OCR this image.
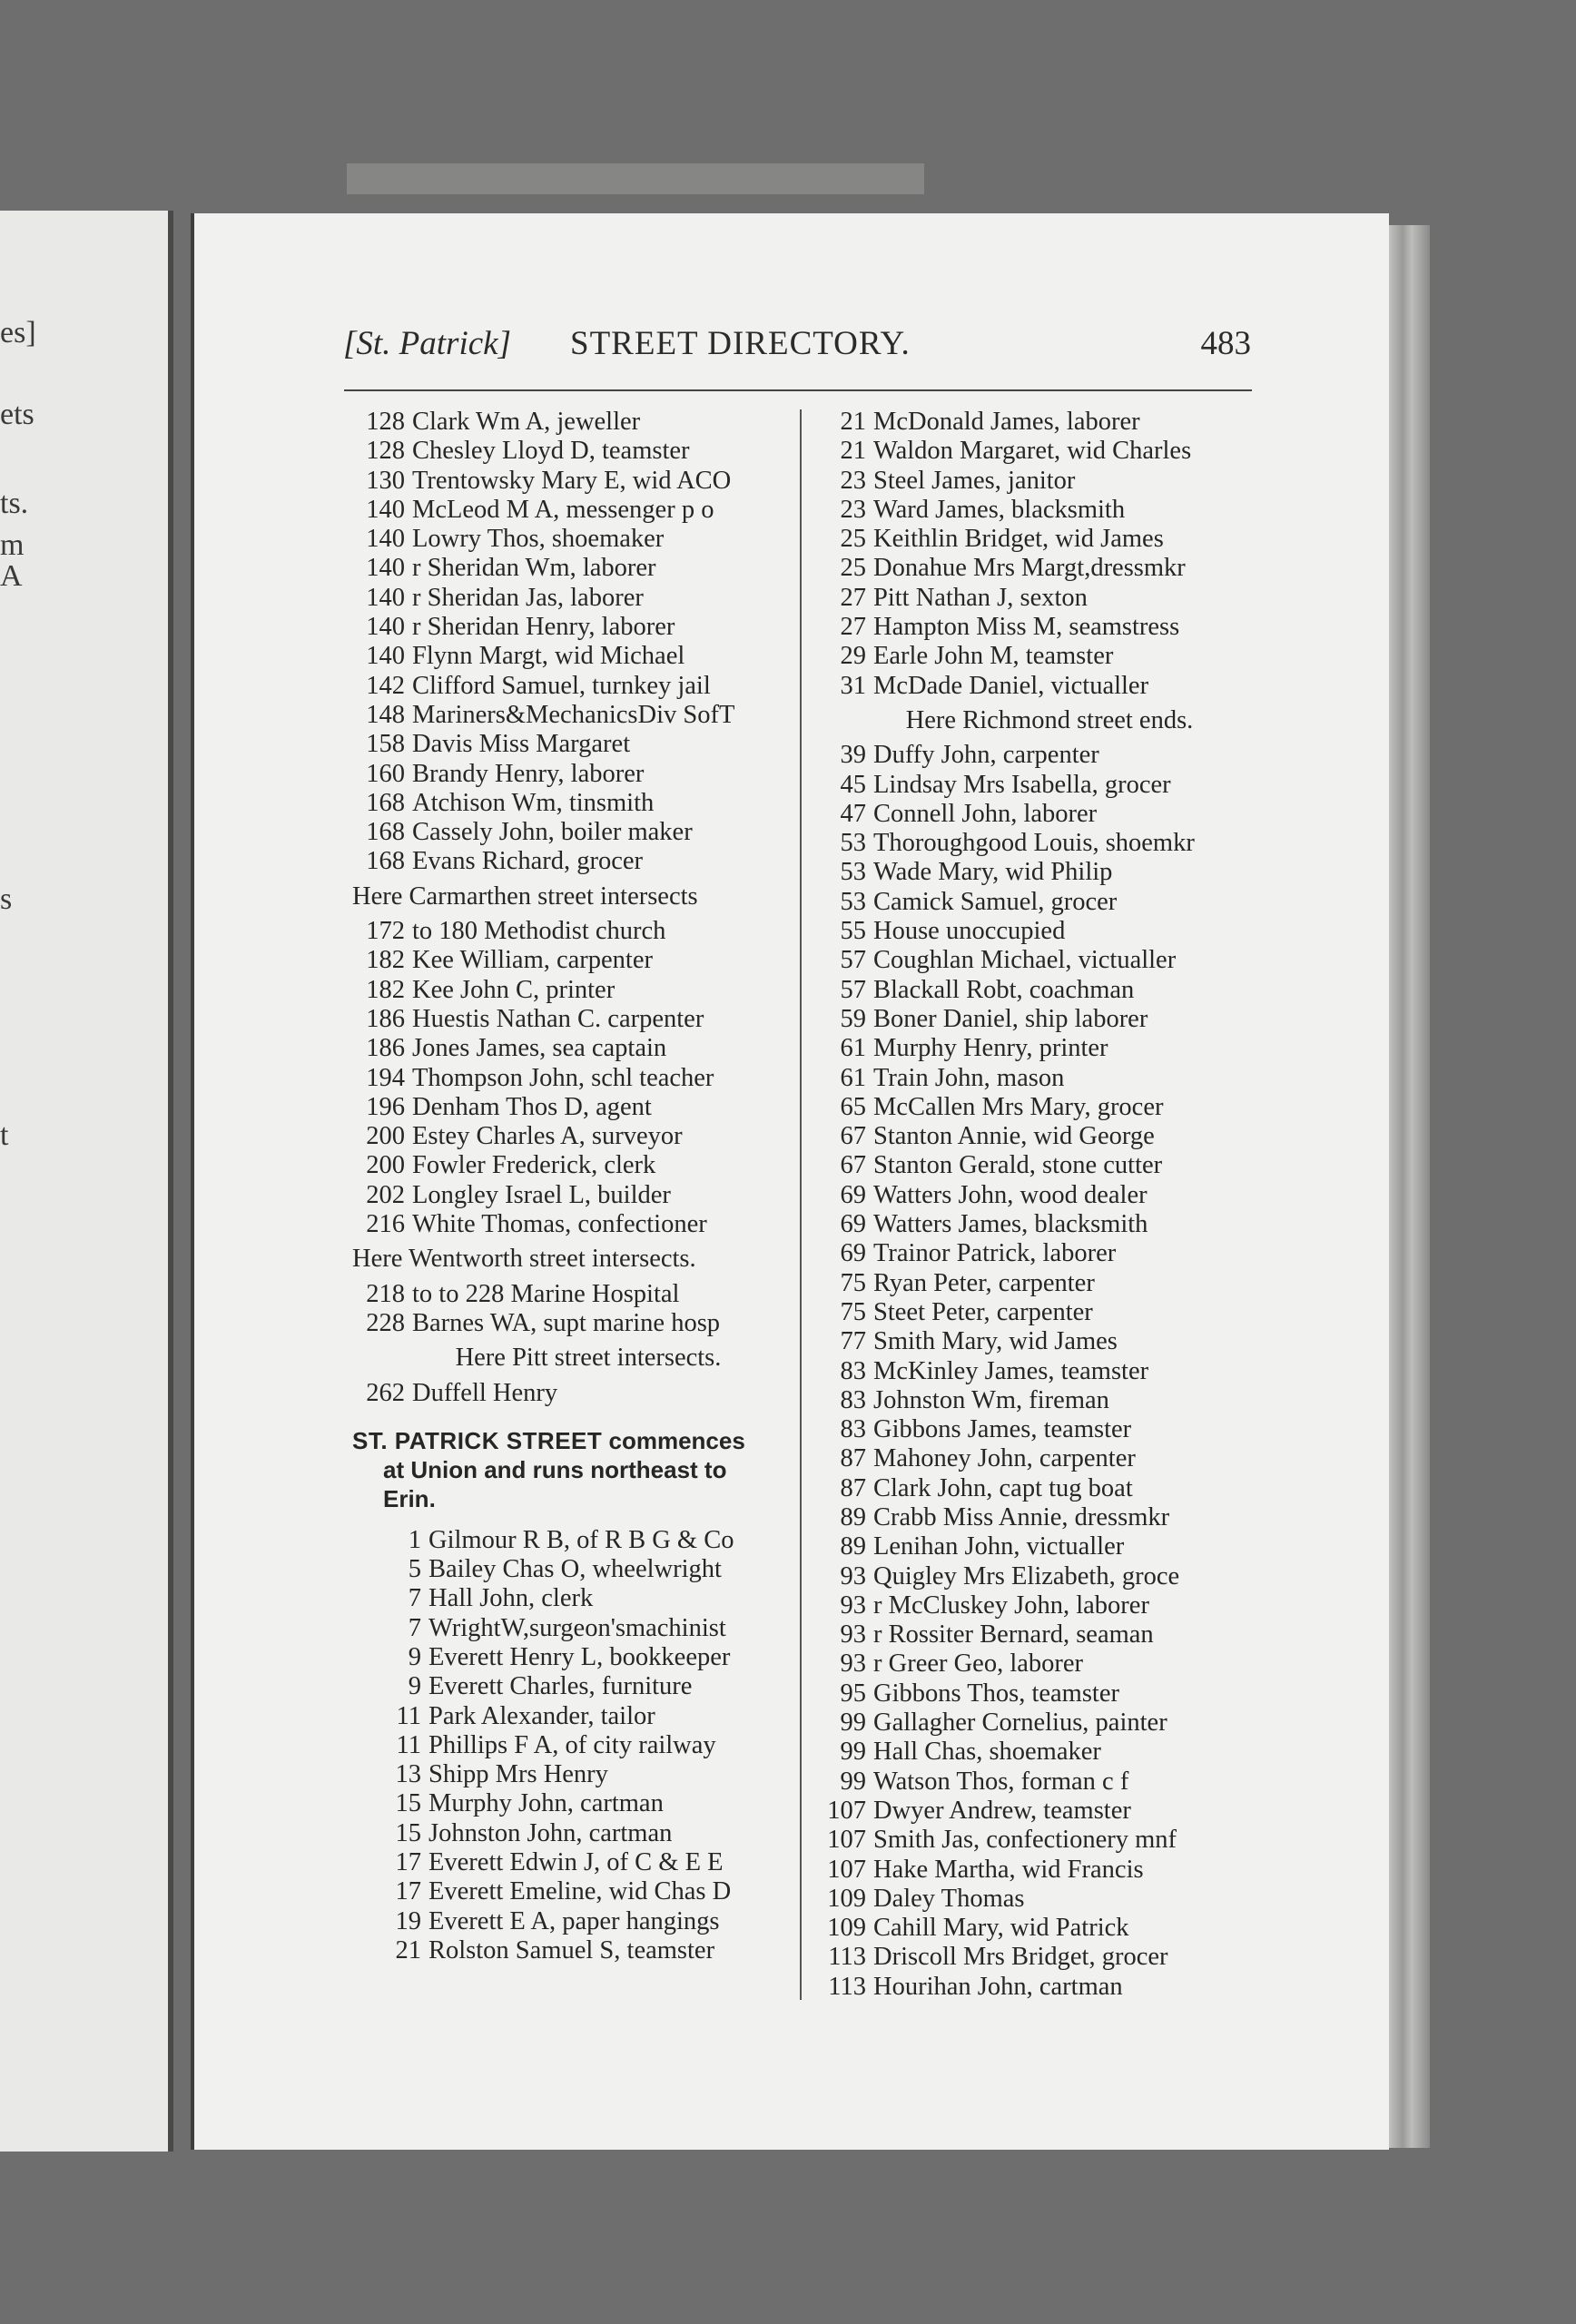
es]
ets
ts.
m
A
s
t
[St. Patrick] STREET DIRECTORY.	483
128 Clark Wm A, jeweller
128 Chesley Lloyd D, teamster
130 Trentowsky Mary E, wid ACO
140 McLeod M A, messenger p o
140 Lowry Thos, shoemaker
140 r Sheridan Wm, laborer
140 r Sheridan Jas, laborer
140 r Sheridan Henry, laborer
140 Flynn Margt, wid Michael
142 Clifford Samuel, turnkey jail
148 Mariners&MechanicsDiv SofT
158 Davis Miss Margaret
160 Brandy Henry, laborer
168 Atchison Wm, tinsmith
168 Cassely John, boiler maker
168 Evans Richard, grocer
Here Carmarthen street intersects
172 to 180 Methodist church
182 Kee William, carpenter
182 Kee John C, printer
186 Huestis Nathan C. carpenter
186 Jones James, sea captain
194 Thompson John, schl teacher
196 Denham Thos D, agent
200 Estey Charles A, surveyor
200 Fowler Frederick, clerk
202 Longley Israel L, builder
216 White Thomas, confectioner
Here Wentworth street intersects.
218 to to 228 Marine Hospital
228 Barnes WA, supt marine hosp
Here Pitt street intersects.
262 Duffell Henry
ST. PATRICK STREET commences
at Union and runs northeast to
Erin.
1 Gilmour R B, of R B G & Co
5 Bailey Chas O, wheelwright
7 Hall John, clerk
7 WrightW,surgeon'smachinist
9 Everett Henry L, bookkeeper
9 Everett Charles, furniture
11 Park Alexander, tailor
11 Phillips F A, of city railway
13 Shipp Mrs Henry
15 Murphy John, cartman
15 Johnston John, cartman
17 Everett Edwin J, of C & E E
17 Everett Emeline, wid Chas D
19 Everett E A, paper hangings
21 Rolston Samuel S, teamster
21 McDonald James, laborer
21 Waldon Margaret, wid Charles
23 Steel James, janitor
23 Ward James, blacksmith
25 Keithlin Bridget, wid James
25 Donahue Mrs Margt,dressmkr
27 Pitt Nathan J, sexton
27 Hampton Miss M, seamstress
29 Earle John M, teamster
31 McDade Daniel, victualler
Here Richmond street ends.
39 Duffy John, carpenter
45 Lindsay Mrs Isabella, grocer
47 Connell John, laborer
53 Thoroughgood Louis, shoemkr
53 Wade Mary, wid Philip
53 Camick Samuel, grocer
55 House unoccupied
57 Coughlan Michael, victualler
57 Blackall Robt, coachman
59 Boner Daniel, ship laborer
61 Murphy Henry, printer
61 Train John, mason
65 McCallen Mrs Mary, grocer
67 Stanton Annie, wid George
67 Stanton Gerald, stone cutter
69 Watters John, wood dealer
69 Watters James, blacksmith
69 Trainor Patrick, laborer
75 Ryan Peter, carpenter
75 Steet Peter, carpenter
77 Smith Mary, wid James
83 McKinley James, teamster
83 Johnston Wm, fireman
83 Gibbons James, teamster
87 Mahoney John, carpenter
87 Clark John, capt tug boat
89 Crabb Miss Annie, dressmkr
89 Lenihan John, victualler
93 Quigley Mrs Elizabeth, groce
93 r McCluskey John, laborer
93 r Rossiter Bernard, seaman
93 r Greer Geo, laborer
95 Gibbons Thos, teamster
99 Gallagher Cornelius, painter
99 Hall Chas, shoemaker
99 Watson Thos, forman c f
107 Dwyer Andrew, teamster
107 Smith Jas, confectionery mnf
107 Hake Martha, wid Francis
109 Daley Thomas
109 Cahill Mary, wid Patrick
113 Driscoll Mrs Bridget, grocer
113 Hourihan John, cartman
